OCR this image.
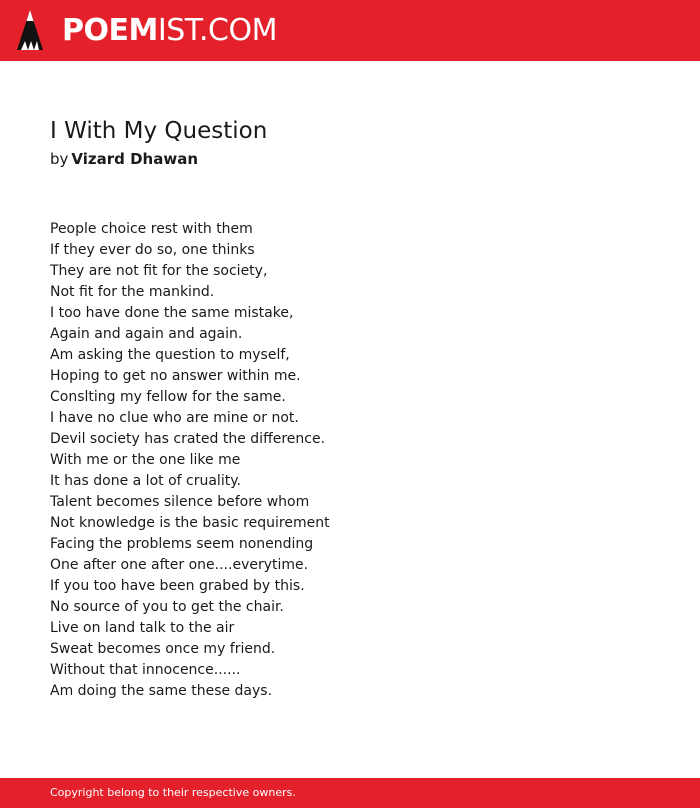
POEMIST.COM
I With My Question
by Vizard Dhawan
People choice rest with them
If they ever do so, one thinks
They are not fit for the society,
Not fit for the mankind.
I too have done the same mistake,
Again and again and again.
Am asking the question to myself,
Hoping to get no answer within me.
Conslting my fellow for the same.
I have no clue who are mine or not.
Devil society has crated the difference.
With me or the one like me
It has done a lot of cruality.
Talent becomes silence before whom
Not knowledge is the basic requirement
Facing the problems seem nonending
One after one after one....everytime.
If you too have been grabed by this.
No source of you to get the chair.
Live on land talk to the air
Sweat becomes once my friend.
Without that innocence......
Am doing the same these days.
Copyright belong to their respective owners.
